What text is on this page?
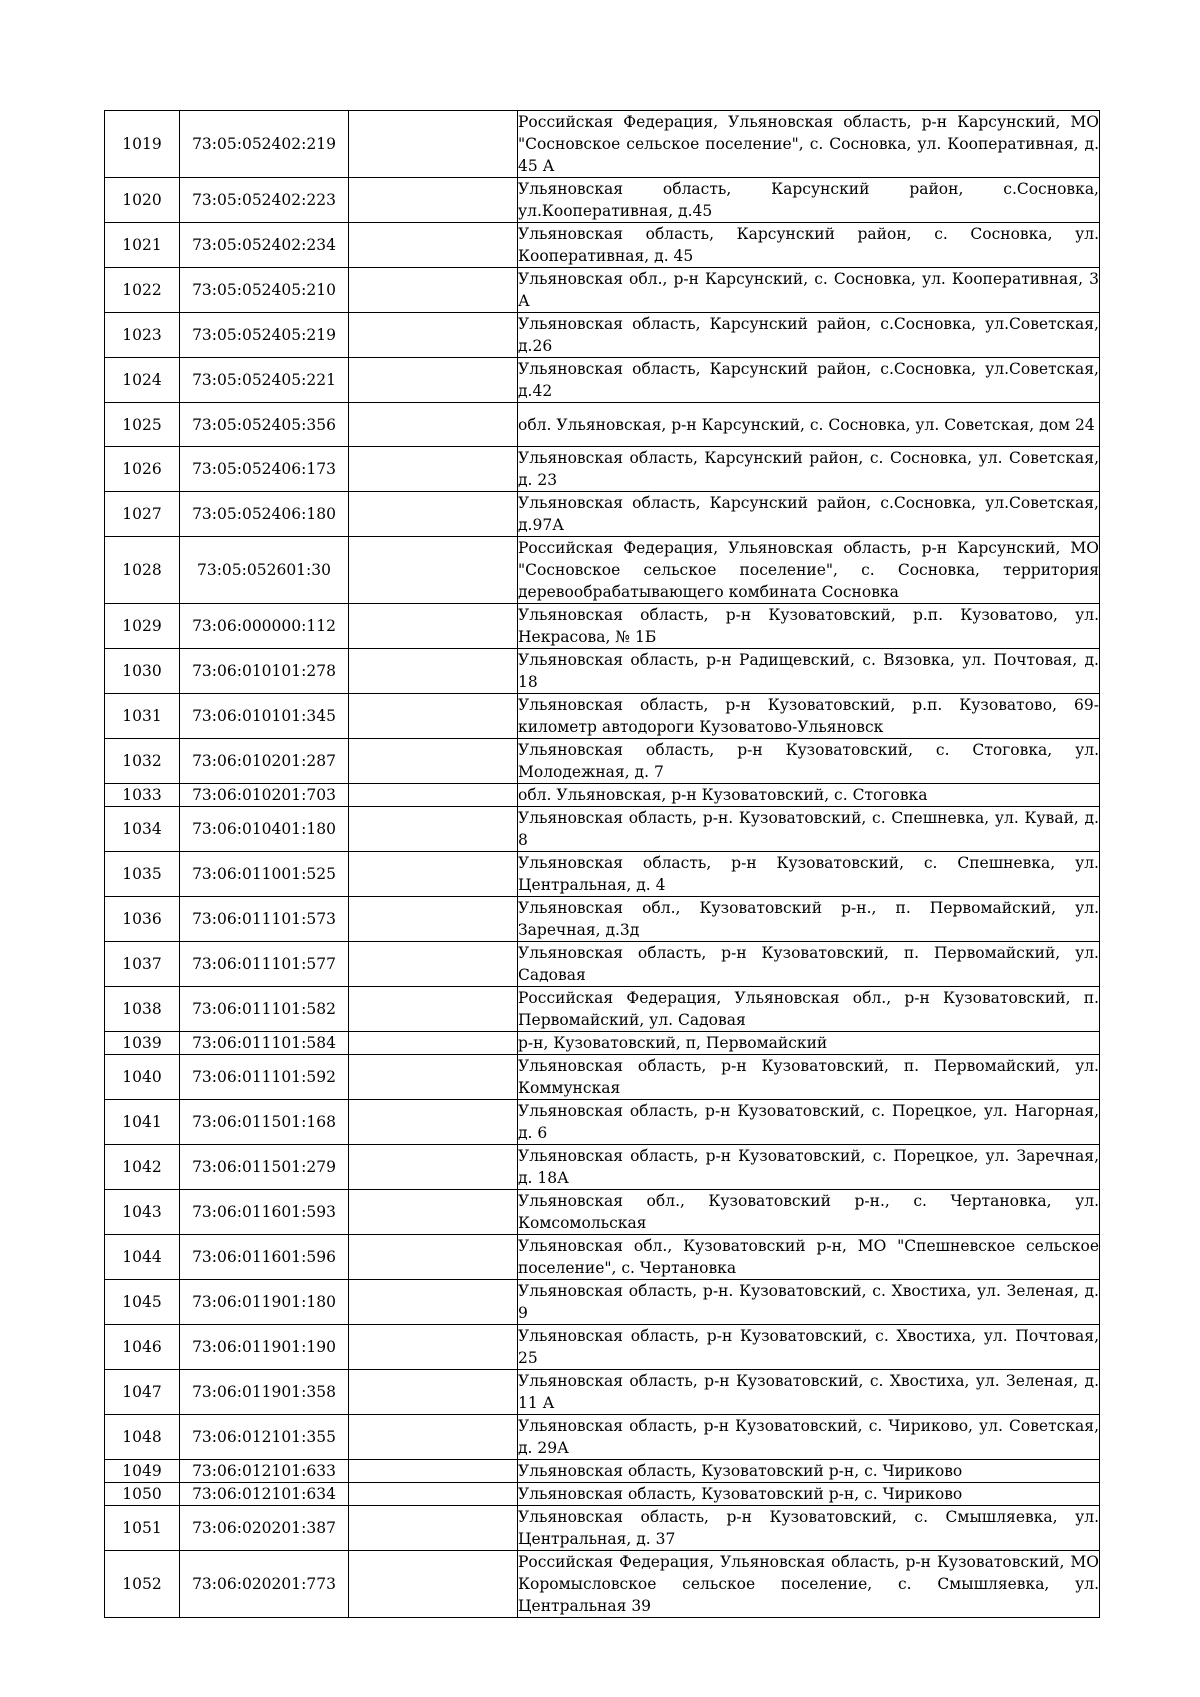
1019	73:05:052402:219		Российская Федерация, Ульяновская область, р-н Карсунский, МО "Сосновское сельское поселение", с. Сосновка, ул. Кооперативная, д. 45 А
1020	73:05:052402:223		Ульяновская область, Карсунский район, с.Сосновка, ул.Кооперативная, д.45
1021	73:05:052402:234		Ульяновская область, Карсунский район, с. Сосновка, ул. Кооперативная, д. 45
1022	73:05:052405:210		Ульяновская обл., р-н Карсунский, с. Сосновка, ул. Кооперативная, 3 А
1023	73:05:052405:219		Ульяновская область, Карсунский район, с.Сосновка, ул.Советская, д.26
1024	73:05:052405:221		Ульяновская область, Карсунский район, с.Сосновка, ул.Советская, д.42
1025	73:05:052405:356		обл. Ульяновская, р-н Карсунский, с. Сосновка, ул. Советская, дом 24
1026	73:05:052406:173		Ульяновская область, Карсунский район, с. Сосновка, ул. Советская, д. 23
1027	73:05:052406:180		Ульяновская область, Карсунский район, с.Сосновка, ул.Советская, д.97А
1028	73:05:052601:30		Российская Федерация, Ульяновская область, р-н Карсунский, МО "Сосновское сельское поселение", с. Сосновка, территория деревообрабатывающего комбината Сосновка
1029	73:06:000000:112		Ульяновская область, р-н Кузоватовский, р.п. Кузоватово, ул. Некрасова, № 1Б
1030	73:06:010101:278		Ульяновская область, р-н Радищевский, с. Вязовка, ул. Почтовая, д. 18
1031	73:06:010101:345		Ульяновская область, р-н Кузоватовский, р.п. Кузоватово, 69-километр автодороги Кузоватово-Ульяновск
1032	73:06:010201:287		Ульяновская область, р-н Кузоватовский, с. Стоговка, ул. Молодежная, д. 7
1033	73:06:010201:703		обл. Ульяновская, р-н Кузоватовский, с. Стоговка
1034	73:06:010401:180		Ульяновская область, р-н. Кузоватовский, с. Спешневка, ул. Кувай, д. 8
1035	73:06:011001:525		Ульяновская область, р-н Кузоватовский, с. Спешневка, ул. Центральная, д. 4
1036	73:06:011101:573		Ульяновская обл., Кузоватовский р-н., п. Первомайский, ул. Заречная, д.3д
1037	73:06:011101:577		Ульяновская область, р-н Кузоватовский, п. Первомайский, ул. Садовая
1038	73:06:011101:582		Российская Федерация, Ульяновская обл., р-н Кузоватовский, п. Первомайский, ул. Садовая
1039	73:06:011101:584		р-н, Кузоватовский, п, Первомайский
1040	73:06:011101:592		Ульяновская область, р-н Кузоватовский, п. Первомайский, ул. Коммунская
1041	73:06:011501:168		Ульяновская область, р-н Кузоватовский, с. Порецкое, ул. Нагорная, д. 6
1042	73:06:011501:279		Ульяновская область, р-н Кузоватовский, с. Порецкое, ул. Заречная, д. 18А
1043	73:06:011601:593		Ульяновская обл., Кузоватовский р-н., с. Чертановка, ул. Комсомольская
1044	73:06:011601:596		Ульяновская обл., Кузоватовский р-н, МО "Спешневское сельское поселение", с. Чертановка
1045	73:06:011901:180		Ульяновская область, р-н. Кузоватовский, с. Хвостиха, ул. Зеленая, д. 9
1046	73:06:011901:190		Ульяновская область, р-н Кузоватовский, с. Хвостиха, ул. Почтовая, 25
1047	73:06:011901:358		Ульяновская область, р-н Кузоватовский, с. Хвостиха, ул. Зеленая, д. 11 А
1048	73:06:012101:355		Ульяновская область, р-н Кузоватовский, с. Чириково, ул. Советская, д. 29А
1049	73:06:012101:633		Ульяновская область, Кузоватовский р-н, с. Чириково
1050	73:06:012101:634		Ульяновская область, Кузоватовский р-н, с. Чириково
1051	73:06:020201:387		Ульяновская область, р-н Кузоватовский, с. Смышляевка, ул. Центральная, д. 37
1052	73:06:020201:773		Российская Федерация, Ульяновская область, р-н Кузоватовский, МО Коромысловское сельское поселение, с. Смышляевка, ул. Центральная 39
